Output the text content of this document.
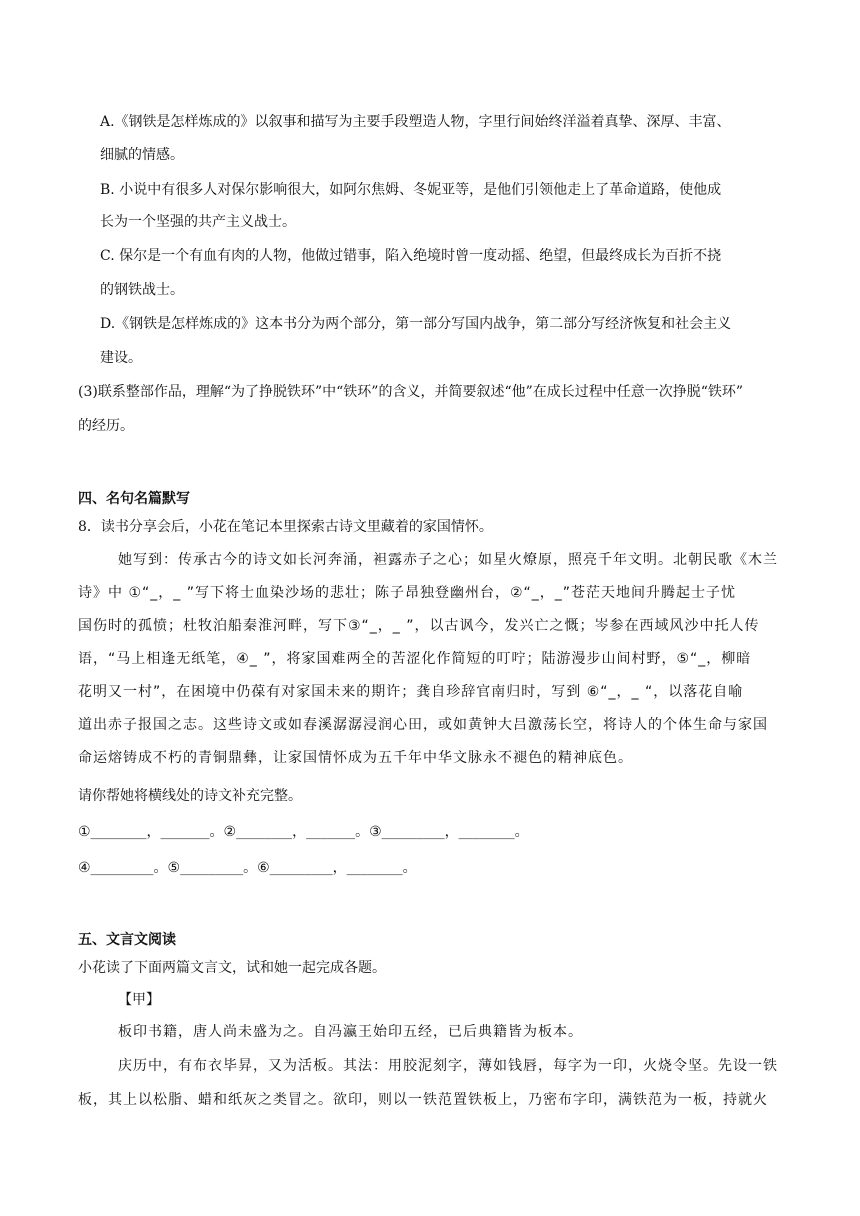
A.《钢铁是怎样炼成的》以叙事和描写为主要手段塑造人物，字里行间始终洋溢着真挚、深厚、丰富、
细腻的情感。
B. 小说中有很多人对保尔影响很大，如阿尔焦姆、冬妮亚等，是他们引领他走上了革命道路，使他成
长为一个坚强的共产主义战士。
C. 保尔是一个有血有肉的人物，他做过错事，陷入绝境时曾一度动摇、绝望，但最终成长为百折不挠
的钢铁战士。
D.《钢铁是怎样炼成的》这本书分为两个部分，第一部分写国内战争，第二部分写经济恢复和社会主义
建设。
(3)联系整部作品，理解“为了挣脱铁环”中“铁环”的含义，并简要叙述“他”在成长过程中任意一次挣脱“铁环”
的经历。
四、名句名篇默写
8．读书分享会后，小花在笔记本里探索古诗文里藏着的家国情怀。
她写到：传承古今的诗文如长河奔涌，袒露赤子之心；如星火燎原，照亮千年文明。北朝民歌《木兰
诗》中 ①“_，_ ”写下将士血染沙场的悲壮；陈子昂独登幽州台，②“_，_”苍茫天地间升腾起士子忧
国伤时的孤愤；杜牧泊船秦淮河畔，写下③“_，_ ”，以古讽今，发兴亡之慨；岑参在西域风沙中托人传
语，“马上相逢无纸笔，④_ ”，将家国难两全的苦涩化作简短的叮咛；陆游漫步山间村野，⑤“_，柳暗
花明又一村”，在困境中仍葆有对家国未来的期许；龚自珍辞官南归时，写到 ⑥“_，_ “，以落花自喻
道出赤子报国之志。这些诗文或如春溪潺潺浸润心田，或如黄钟大吕激荡长空，将诗人的个体生命与家国
命运熔铸成不朽的青铜鼎彝，让家国情怀成为五千年中华文脉永不褪色的精神底色。
请你帮她将横线处的诗文补充完整。
①________，_______。②________，_______。③_________，________。
④_________。⑤_________。⑥_________，________。
五、文言文阅读
小花读了下面两篇文言文，试和她一起完成各题。
【甲】
板印书籍，唐人尚未盛为之。自冯瀛王始印五经，已后典籍皆为板本。
庆历中，有布衣毕昇，又为活板。其法：用胶泥刻字，薄如钱唇，每字为一印，火烧令坚。先设一铁
板，其上以松脂、蜡和纸灰之类冒之。欲印，则以一铁范置铁板上，乃密布字印，满铁范为一板，持就火
